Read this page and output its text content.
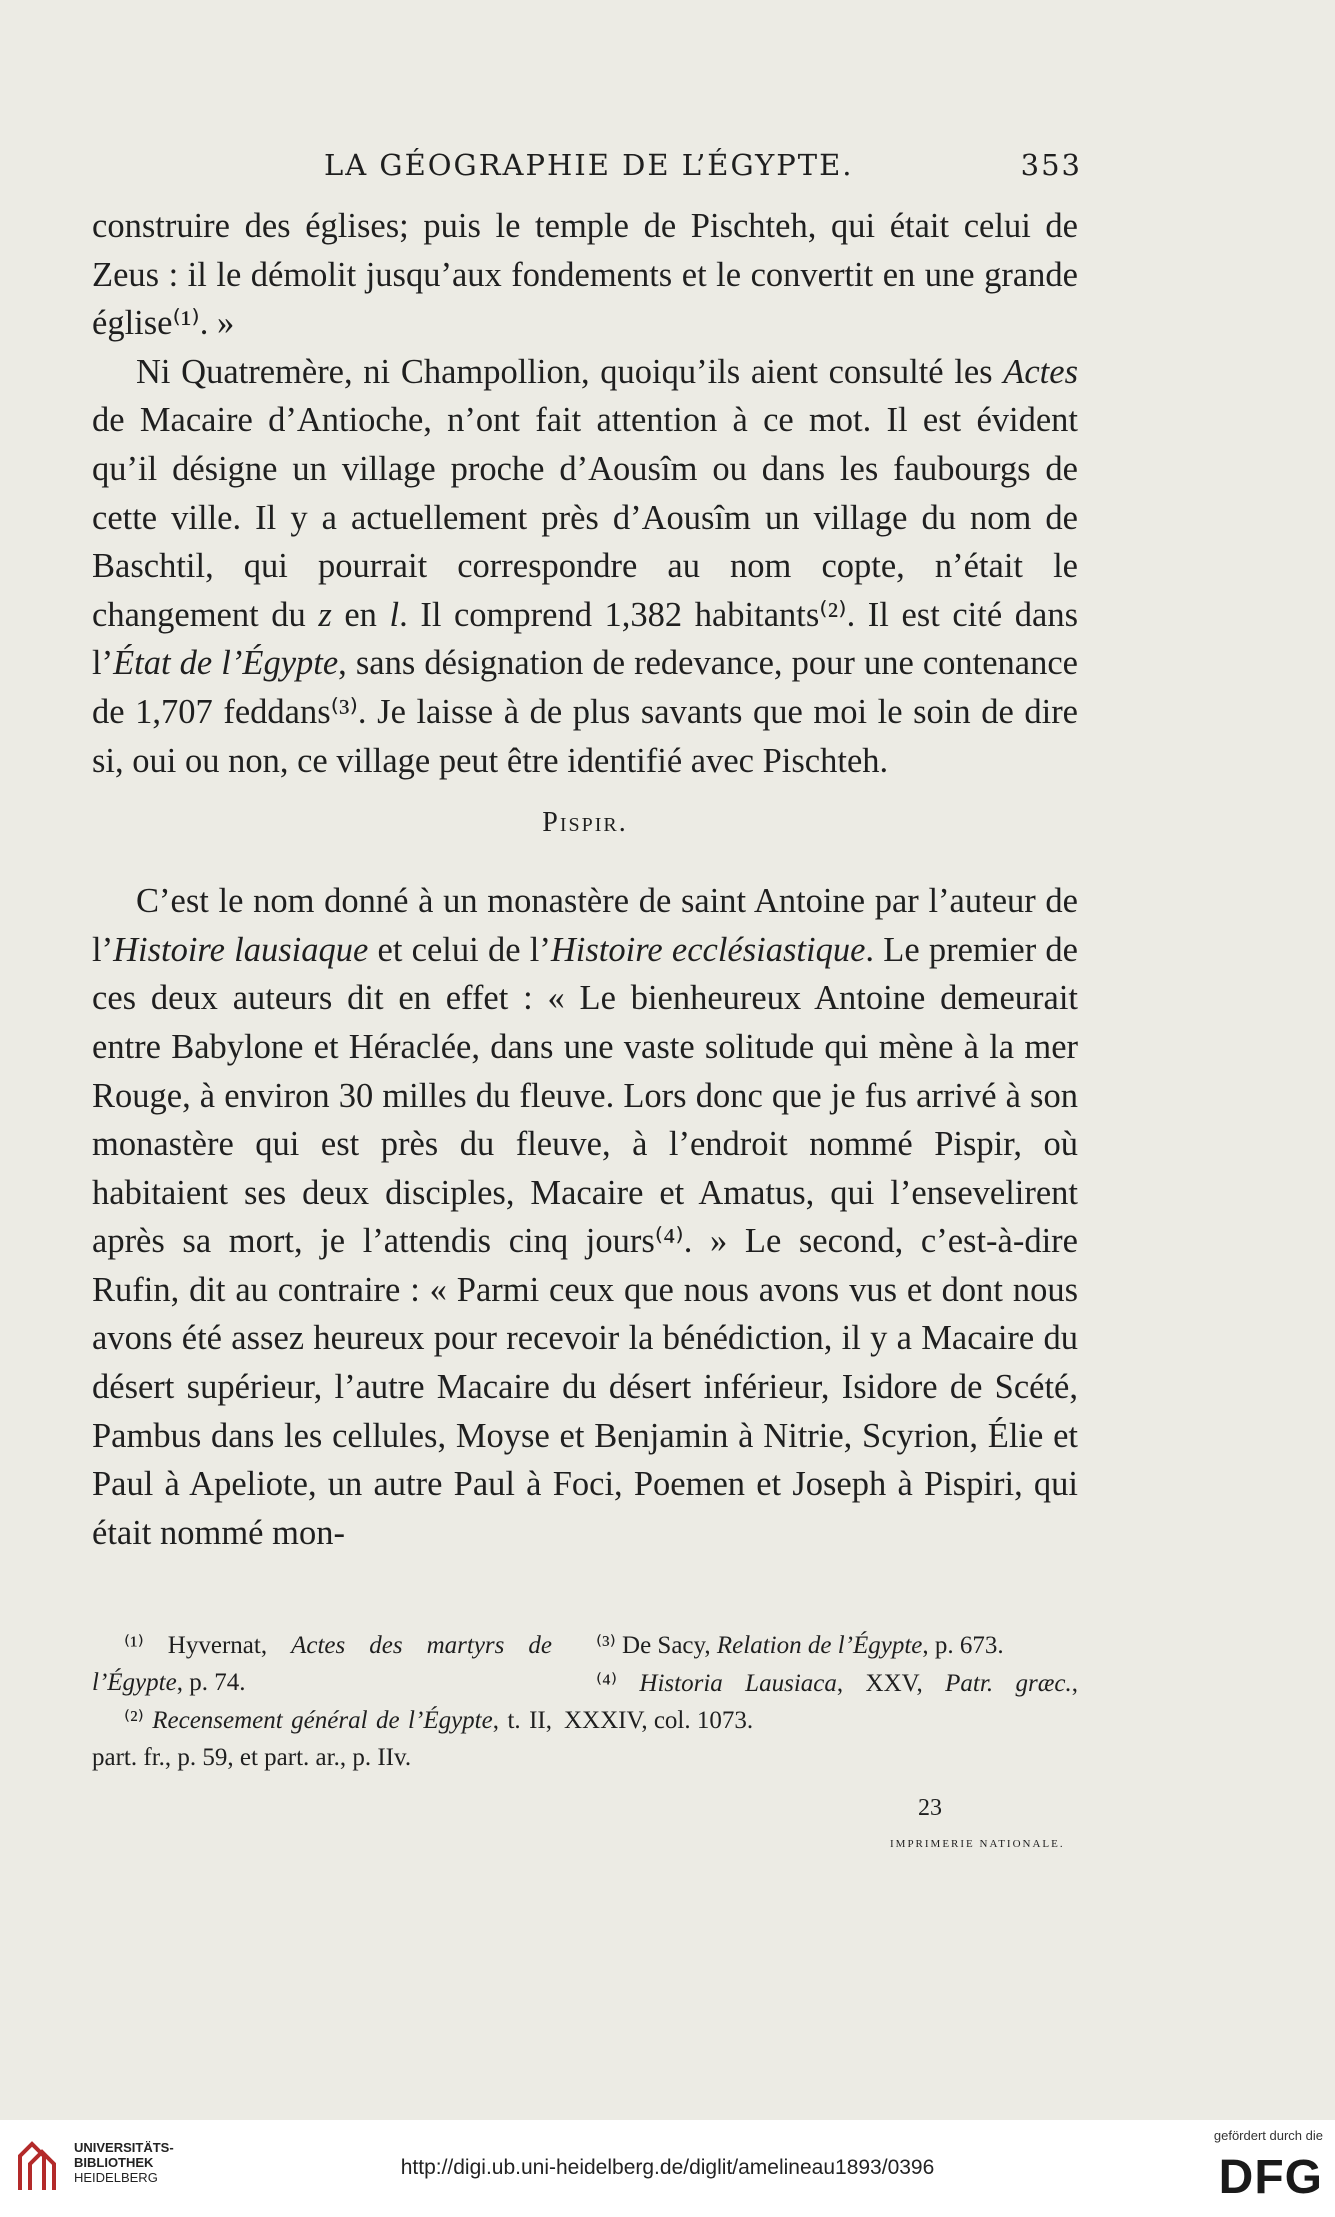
LA GÉOGRAPHIE DE L’ÉGYPTE.	353

construire des églises; puis le temple de Pischteh, qui était celui de Zeus : il le démolit jusqu’aux fondements et le convertit en une grande église⁽¹⁾. »

Ni Quatremère, ni Champollion, quoiqu’ils aient consulté les Actes de Macaire d’Antioche, n’ont fait attention à ce mot. Il est évident qu’il désigne un village proche d’Aousîm ou dans les faubourgs de cette ville. Il y a actuellement près d’Aousîm un village du nom de Baschtil, qui pourrait correspondre au nom copte, n’était le changement du z en l. Il comprend 1,382 habitants⁽²⁾. Il est cité dans l’État de l’Égypte, sans désignation de redevance, pour une contenance de 1,707 feddans⁽³⁾. Je laisse à de plus savants que moi le soin de dire si, oui ou non, ce village peut être identifié avec Pischteh.

Pispir.

C’est le nom donné à un monastère de saint Antoine par l’auteur de l’Histoire lausiaque et celui de l’Histoire ecclésiastique. Le premier de ces deux auteurs dit en effet : « Le bienheureux Antoine demeurait entre Babylone et Héraclée, dans une vaste solitude qui mène à la mer Rouge, à environ 30 milles du fleuve. Lors donc que je fus arrivé à son monastère qui est près du fleuve, à l’endroit nommé Pispir, où habitaient ses deux disciples, Macaire et Amatus, qui l’ensevelirent après sa mort, je l’attendis cinq jours⁽⁴⁾. » Le second, c’est-à-dire Rufin, dit au contraire : « Parmi ceux que nous avons vus et dont nous avons été assez heureux pour recevoir la bénédiction, il y a Macaire du désert supérieur, l’autre Macaire du désert inférieur, Isidore de Scété, Pambus dans les cellules, Moyse et Benjamin à Nitrie, Scyrion, Élie et Paul à Apeliote, un autre Paul à Foci, Poemen et Joseph à Pispiri, qui était nommé mon-

⁽¹⁾ Hyvernat, Actes des martyrs de l’Égypte, p. 74.

⁽²⁾ Recensement général de l’Égypte, t. II, part. fr., p. 59, et part. ar., p. IIv.

⁽³⁾ De Sacy, Relation de l’Égypte, p. 673.

⁽⁴⁾ Historia Lausiaca, XXV, Patr. græc., XXXIV, col. 1073.

23
IMPRIMERIE NATIONALE.
UNIVERSITÄTS-
BIBLIOTHEK
HEIDELBERG	http://digi.ub.uni-heidelberg.de/diglit/amelineau1893/0396
gefördert durch die
DFG
